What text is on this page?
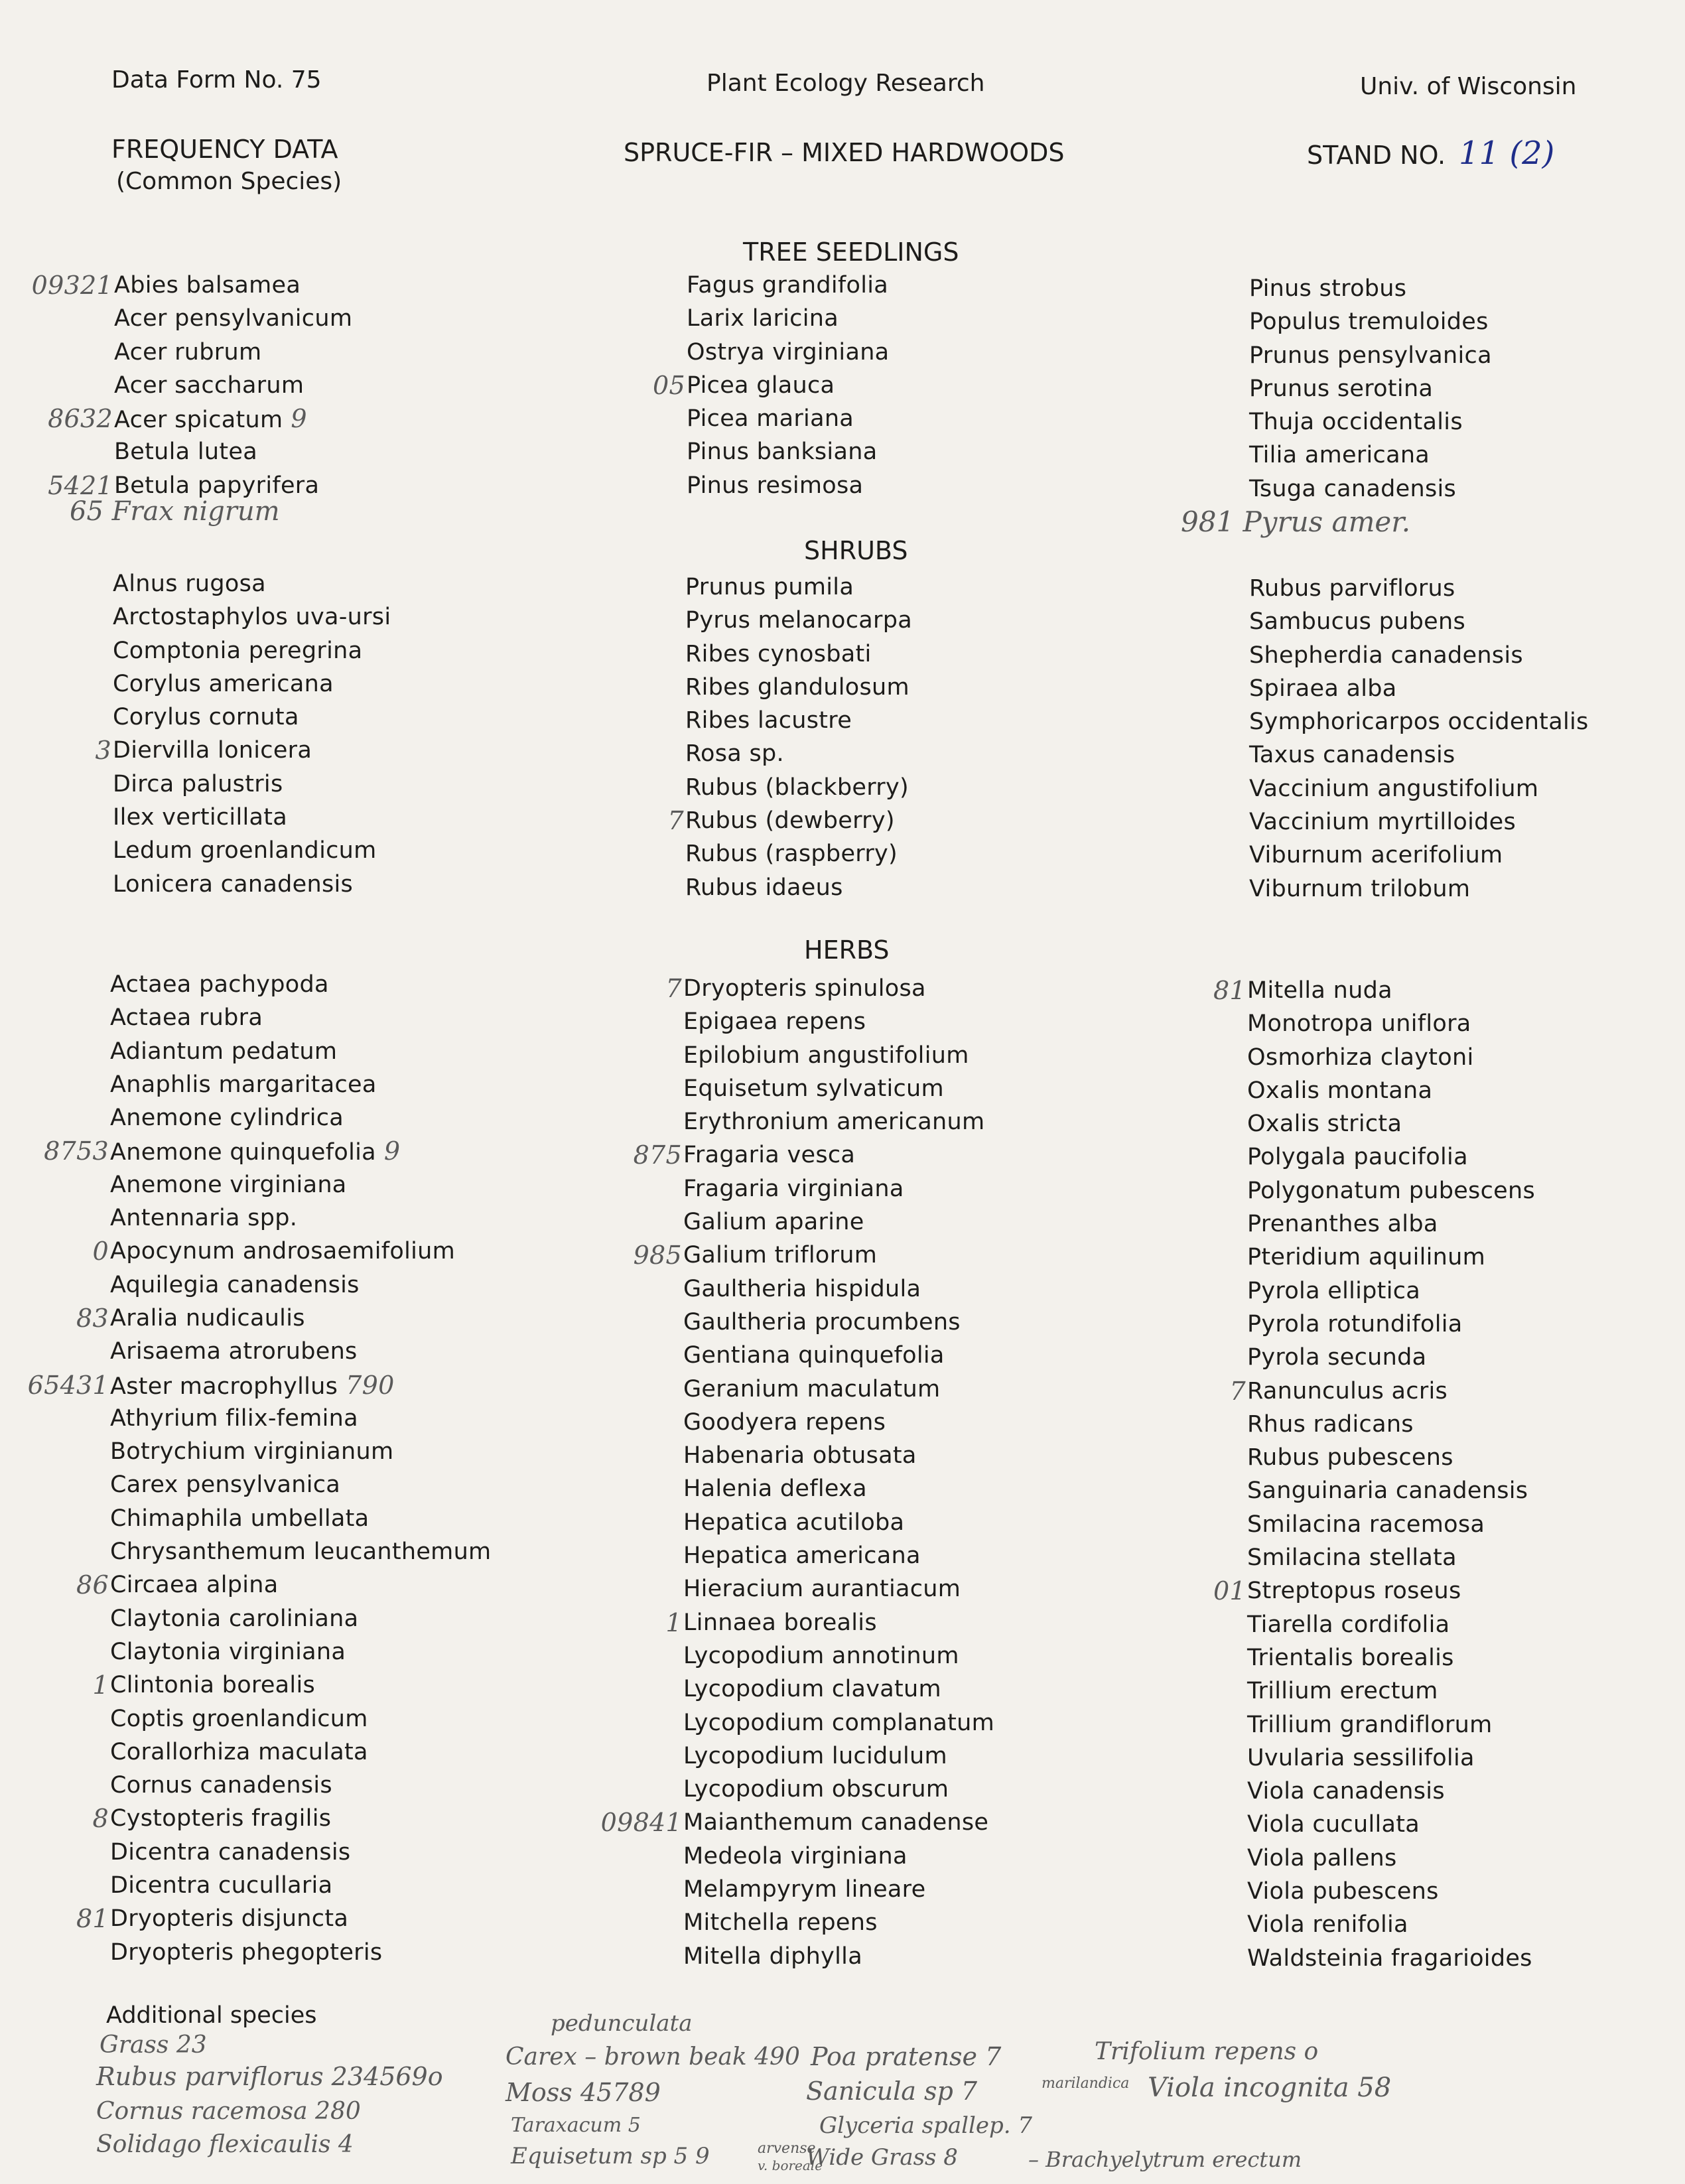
Data Form No. 75	Plant Ecology Research	Univ. of Wisconsin
FREQUENCY DATA
(Common Species)
SPRUCE-FIR – MIXED HARDWOODS	STAND NO. 11 (2)
TREE SEEDLINGS
SHRUBS
HERBS
09321 Abies balsamea
Acer pensylvanicum
Acer rubrum
Acer saccharum
8632 Acer spicatum 9
Betula lutea
5421 Betula papyrifera
Fagus grandifolia
Larix laricina
Ostrya virginiana
05 Picea glauca
Picea mariana
Pinus banksiana
Pinus resimosa
Pinus strobus
Populus tremuloides
Prunus pensylvanica
Prunus serotina
Thuja occidentalis
Tilia americana
Tsuga canadensis
65 Frax nigrum	981 Pyrus amer.
Alnus rugosa
Arctostaphylos uva-ursi
Comptonia peregrina
Corylus americana
Corylus cornuta
3 Diervilla lonicera
Dirca palustris
Ilex verticillata
Ledum groenlandicum
Lonicera canadensis
Prunus pumila
Pyrus melanocarpa
Ribes cynosbati
Ribes glandulosum
Ribes lacustre
Rosa sp.
Rubus (blackberry)
7 Rubus (dewberry)
Rubus (raspberry)
Rubus idaeus
Rubus parviflorus
Sambucus pubens
Shepherdia canadensis
Spiraea alba
Symphoricarpos occidentalis
Taxus canadensis
Vaccinium angustifolium
Vaccinium myrtilloides
Viburnum acerifolium
Viburnum trilobum
Actaea pachypoda
Actaea rubra
Adiantum pedatum
Anaphlis margaritacea
Anemone cylindrica
8753 Anemone quinquefolia 9
Anemone virginiana
Antennaria spp.
0 Apocynum androsaemifolium
Aquilegia canadensis
83 Aralia nudicaulis
Arisaema atrorubens
65431 Aster macrophyllus 790
Athyrium filix-femina
Botrychium virginianum
Carex pensylvanica
Chimaphila umbellata
Chrysanthemum leucanthemum
86 Circaea alpina
Claytonia caroliniana
Claytonia virginiana
1 Clintonia borealis
Coptis groenlandicum
Corallorhiza maculata
Cornus canadensis
8 Cystopteris fragilis
Dicentra canadensis
Dicentra cucullaria
81 Dryopteris disjuncta
Dryopteris phegopteris
7 Dryopteris spinulosa
Epigaea repens
Epilobium angustifolium
Equisetum sylvaticum
Erythronium americanum
875 Fragaria vesca
Fragaria virginiana
Galium aparine
985 Galium triflorum
Gaultheria hispidula
Gaultheria procumbens
Gentiana quinquefolia
Geranium maculatum
Goodyera repens
Habenaria obtusata
Halenia deflexa
Hepatica acutiloba
Hepatica americana
Hieracium aurantiacum
1 Linnaea borealis
Lycopodium annotinum
Lycopodium clavatum
Lycopodium complanatum
Lycopodium lucidulum
Lycopodium obscurum
09841 Maianthemum canadense
Medeola virginiana
Melampyrym lineare
Mitchella repens
Mitella diphylla
81 Mitella nuda
Monotropa uniflora
Osmorhiza claytoni
Oxalis montana
Oxalis stricta
Polygala paucifolia
Polygonatum pubescens
Prenanthes alba
Pteridium aquilinum
Pyrola elliptica
Pyrola rotundifolia
Pyrola secunda
7 Ranunculus acris
Rhus radicans
Rubus pubescens
Sanguinaria canadensis
Smilacina racemosa
Smilacina stellata
01 Streptopus roseus
Tiarella cordifolia
Trientalis borealis
Trillium erectum
Trillium grandiflorum
Uvularia sessilifolia
Viola canadensis
Viola cucullata
Viola pallens
Viola pubescens
Viola renifolia
Waldsteinia fragarioides
Additional species
Grass 23
Rubus parviflorus 234569o
Cornus racemosa 280
Solidago flexicaulis 4
pedunculata
Carex – brown beak 490
Moss 45789
Taraxacum 5
Equisetum sp 5 9	arvense
v. boreale
Poa pratense 7
Sanicula sp 7	marilandica
Glyceria spallep. 7
Wide Grass 8
Trifolium repens o
Viola incognita 58
– Brachyelytrum erectum
